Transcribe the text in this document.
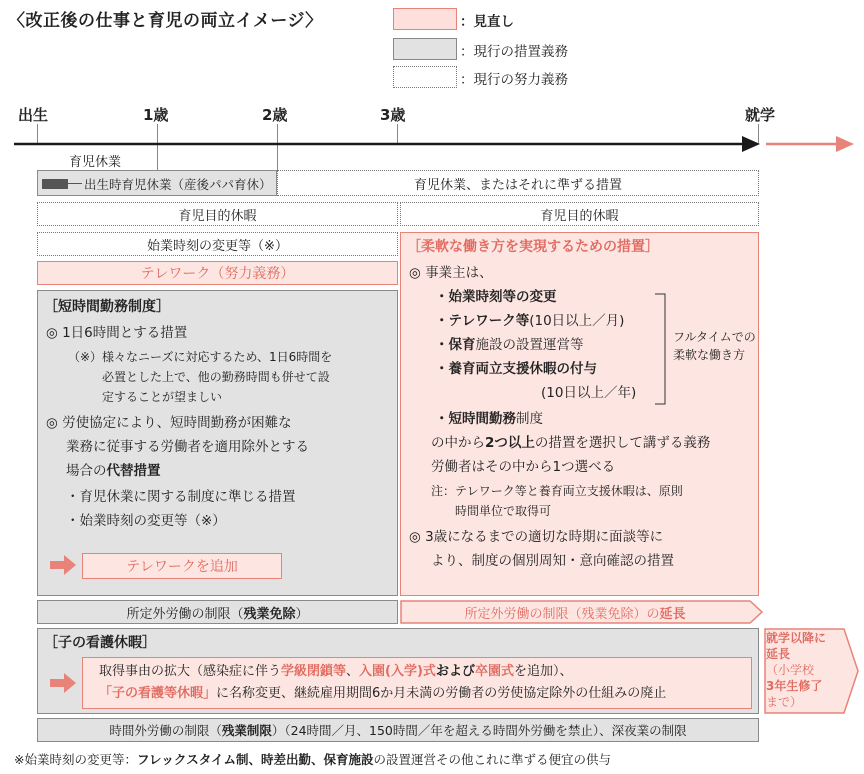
〈改正後の仕事と育児の両立イメージ〉	：見直し
：現行の措置義務
：現行の努力義務
出生	1歳	2歳	3歳	就学
育児休業
出生時育児休業（産後パパ育休）	育児休業、またはそれに準ずる措置
育児目的休暇	育児目的休暇
始業時刻の変更等（※）
テレワーク（努力義務）
［短時間勤務制度］
◎ 1日6時間とする措置
（※）様々なニーズに対応するため、1日6時間を
必置とした上で、他の勤務時間も併せて設
定することが望ましい
◎ 労使協定により、短時間勤務が困難な
業務に従事する労働者を適用除外とする
場合の代替措置
・育児休業に関する制度に準じる措置
・始業時刻の変更等（※）
テレワークを追加
［柔軟な働き方を実現するための措置］
◎ 事業主は、
・始業時刻等の変更
・テレワーク等(10日以上／月)
・保育施設の設置運営等
・養育両立支援休暇の付与
(10日以上／年)
フルタイムでの
柔軟な働き方
・短時間勤務制度
の中から2つ以上の措置を選択して講ずる義務
労働者はその中から1つ選べる
注：テレワーク等と養育両立支援休暇は、原則
時間単位で取得可
◎ 3歳になるまでの適切な時期に面談等に
より、制度の個別周知・意向確認の措置
所定外労働の制限（ 残業免除 ）	所定外労働の制限（残業免除）の延長
［子の看護休暇］
取得事由の拡大（感染症に伴う学級閉鎖等、入園(入学)式および卒園式を追加）、
「子の看護等休暇」に名称変更、継続雇用期間6か月未満の労働者の労使協定除外の仕組みの廃止
就学以降に
延長
（小学校
3年生修了
まで）
時間外労働の制限（ 残業制限 ）（24時間／月、150時間／年を超える時間外労働を禁止）、深夜業の制限
※始業時刻の変更等：フレックスタイム制、時差出勤、保育施設の設置運営その他これに準ずる便宜の供与
